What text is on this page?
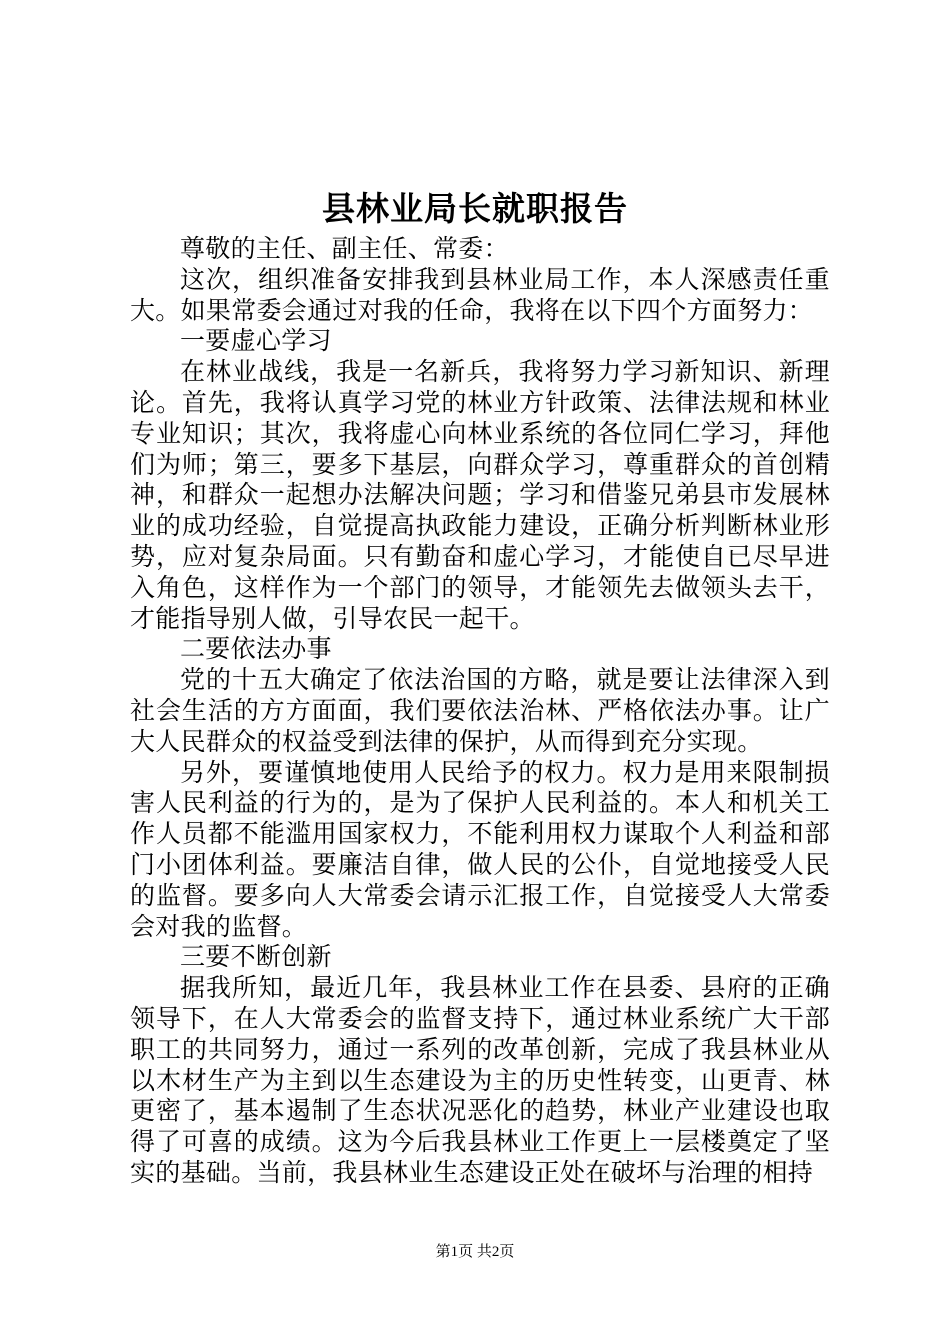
县林业局长就职报告

尊敬的主任、副主任、常委：

这次，组织准备安排我到县林业局工作，本人深感责任重大。如果常委会通过对我的任命，我将在以下四个方面努力：

一要虚心学习

在林业战线，我是一名新兵，我将努力学习新知识、新理论。首先，我将认真学习党的林业方针政策、法律法规和林业专业知识；其次，我将虚心向林业系统的各位同仁学习，拜他们为师；第三，要多下基层，向群众学习，尊重群众的首创精神，和群众一起想办法解决问题；学习和借鉴兄弟县市发展林业的成功经验，自觉提高执政能力建设，正确分析判断林业形势，应对复杂局面。只有勤奋和虚心学习，才能使自已尽早进入角色，这样作为一个部门的领导，才能领先去做领头去干，才能指导别人做，引导农民一起干。

二要依法办事

党的十五大确定了依法治国的方略，就是要让法律深入到社会生活的方方面面，我们要依法治林、严格依法办事。让广大人民群众的权益受到法律的保护，从而得到充分实现。

另外，要谨慎地使用人民给予的权力。权力是用来限制损害人民利益的行为的，是为了保护人民利益的。本人和机关工作人员都不能滥用国家权力，不能利用权力谋取个人利益和部门小团体利益。要廉洁自律，做人民的公仆，自觉地接受人民的监督。要多向人大常委会请示汇报工作，自觉接受人大常委会对我的监督。

三要不断创新

据我所知，最近几年，我县林业工作在县委、县府的正确领导下，在人大常委会的监督支持下，通过林业系统广大干部职工的共同努力，通过一系列的改革创新，完成了我县林业从以木材生产为主到以生态建设为主的历史性转变，山更青、林更密了，基本遏制了生态状况恶化的趋势，林业产业建设也取得了可喜的成绩。这为今后我县林业工作更上一层楼奠定了坚实的基础。当前，我县林业生态建设正处在破坏与治理的相持

第1页 共2页
